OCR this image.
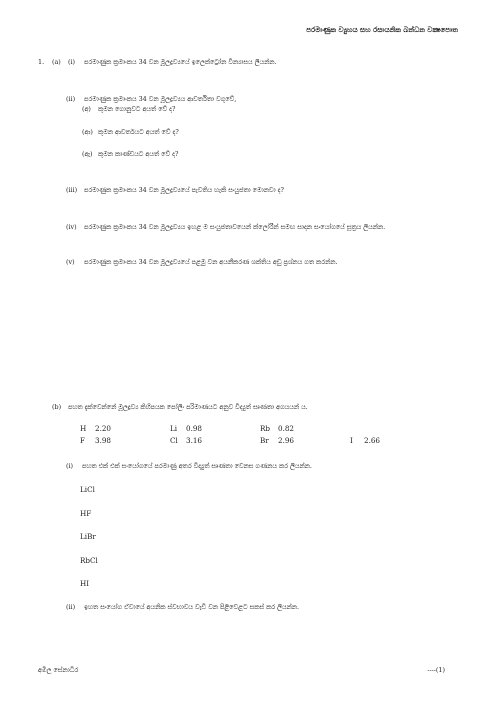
පරමාණුක ව්‍යුහය සහ රසායනික බන්ධන වක්‍ෂපොත
1. (a) (i) පරමාණුක ක්‍රමාංකය 34 වන මූලද්‍රව්‍යයේ ඉලෙක්ට්‍රෝන වින්‍යාසය ලියන්න.
(ii) පරමාණුක ක්‍රමාංකය 34 වන මූලද්‍රව්‍යය ආවර්තිතා වගුවේ,
(අ) කුමන ගොනුවට අයත් වේ ද?
(ආ) කුමන ආවර්තයට අයත් වේ ද?
(ඇ) කුමන කාණ්ඩයට අයත් වේ ද?
(iii) පරමාණුක ක්‍රමාංකය 34 වන මූලද්‍රව්‍යයේ පැවතිය හැකි සංයුජතා මොනවා ද?
(iv) පරමාණුක ක්‍රමාංකය 34 වන මූලද්‍රව්‍යය ඉහළ ම සංයුජතාවයෙන් ක්ලෝරීන් සමඟ සාදන සංයෝගයේ සූත්‍රය ලියන්න.
(v) පරමාණුක ක්‍රමාංකය 34 වන මූලද්‍රව්‍යයේ පළමු වන අයනීකරණ ශක්තිය අඩු ප්‍රශ්නය ගත කරන්න.
(b) පහත දැක්වෙන්නේ මූලද්‍රව්‍ය කිහිපයක පෝලිං පරිමාණයට අනුව විද්‍යුත් සෘණතා අගයයන් ය.
H 2.20	Li 0.98	Rb 0.82
F 3.98	Cl 3.16	Br 2.96	I 2.66
(i) පහත එක් එක් සංයෝගයේ පරමාණු අතර විද්‍යුත් සෘණතා වෙනස ගණනය කර ලියන්න.
LiCl
HF
LiBr
RbCl
HI
(ii) ඉහත සංයෝග ඒවායේ අයනික ස්වභාවය වැඩි වන පිළිවෙළට සකස් කර ලියන්න.
අමිල සේනාධීර	----(1)
